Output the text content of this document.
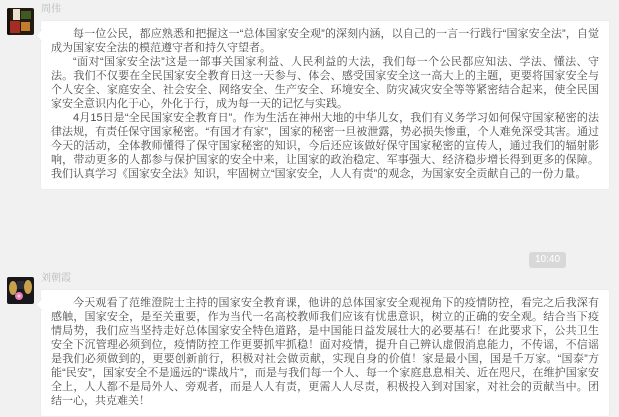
周伟

每一位公民，都应熟悉和把握这一“总体国家安全观”的深刻内涵，以自己的一言一行践行“国家安全法”，自觉成为国家安全法的模范遵守者和持久守望者。

“面对“国家安全法”这是一部事关国家利益、人民利益的大法，我们每一个公民都应知法、学法、懂法、守法。我们不仅要在全民国家安全教育日这一天参与、体会、感受国家安全这一高大上的主题，更要将国家安全与个人安全、家庭安全、社会安全、网络安全、生产安全、环境安全、防灾减灾安全等等紧密结合起来，使全民国家安全意识内化于心，外化于行，成为每一天的记忆与实践。

4月15日是“全民国家安全教育日”。作为生活在神州大地的中华儿女，我们有义务学习如何保守国家秘密的法律法规，有责任保守国家秘密。“有国才有家”，国家的秘密一旦被泄露，势必损失惨重，个人难免深受其害。通过今天的活动，全体教师懂得了保守国家秘密的知识，今后还应该做好保守国家秘密的宣传人，通过我们的辐射影响，带动更多的人都参与保护国家的安全中来，让国家的政治稳定、军事强大、经济稳步增长得到更多的保障。我们认真学习《国家安全法》知识，牢固树立“国家安全，人人有责”的观念，为国家安全贡献自己的一份力量。

10:40
刘朝霞

今天观看了范维澄院士主持的国家安全教育课，他讲的总体国家安全观视角下的疫情防控，看完之后我深有感触，国家安全，是至关重要，作为当代一名高校教师我们应该有忧患意识，树立的正确的安全观。结合当下疫情局势，我们应当坚持走好总体国家安全特色道路，是中国能日益发展壮大的必要基石！在此要求下，公共卫生安全下沉管理必须到位，疫情防控工作更要抓牢抓稳！面对疫情，提升自己辨认虚假消息能力，不传谣，不信谣是我们必须做到的，更要创新前行，积极对社会做贡献，实现自身的价值！家是最小国，国是千万家。“国泰”方能“民安”，国家安全不是遥远的“谍战片”，而是与我们每一个人、每一个家庭息息相关、近在咫尺，在维护国家安全上，人人都不是局外人、旁观者，而是人人有责，更需人人尽责，积极投入到对国家，对社会的贡献当中。团结一心，共克难关！
